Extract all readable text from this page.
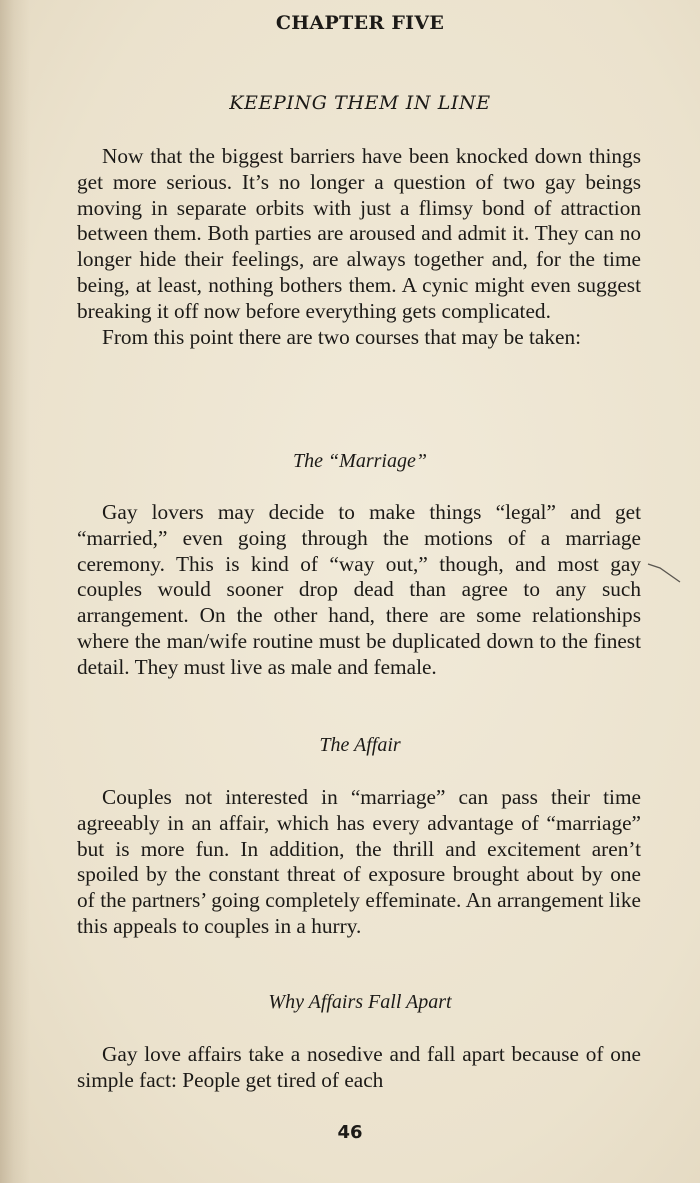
CHAPTER FIVE
KEEPING THEM IN LINE

Now that the biggest barriers have been knocked down things get more serious. It’s no longer a question of two gay beings moving in separate orbits with just a flimsy bond of attraction between them. Both parties are aroused and admit it. They can no longer hide their feelings, are always together and, for the time being, at least, nothing bothers them. A cynic might even suggest breaking it off now before everything gets complicated.

From this point there are two courses that may be taken:

The “Marriage”

Gay lovers may decide to make things “legal” and get “married,” even going through the motions of a marriage ceremony. This is kind of “way out,” though, and most gay couples would sooner drop dead than agree to any such arrangement. On the other hand, there are some relationships where the man/wife routine must be duplicated down to the finest detail. They must live as male and female.

The Affair

Couples not interested in “marriage” can pass their time agreeably in an affair, which has every advantage of “marriage” but is more fun. In addition, the thrill and excitement aren’t spoiled by the constant threat of exposure brought about by one of the partners’ going completely effeminate. An arrangement like this appeals to couples in a hurry.

Why Affairs Fall Apart

Gay love affairs take a nosedive and fall apart because of one simple fact: People get tired of each

46
